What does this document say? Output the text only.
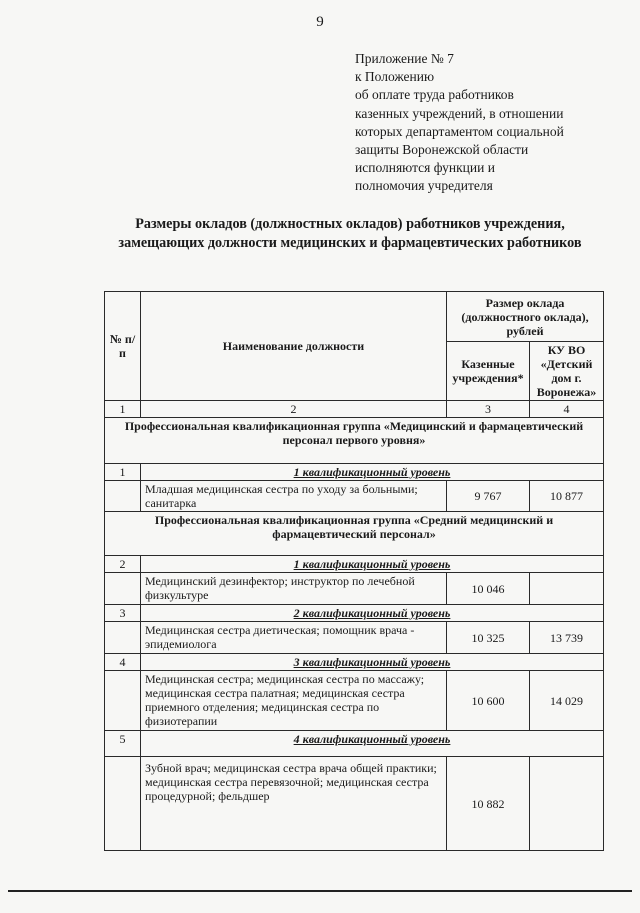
9
Приложение № 7
к Положению
об оплате труда работников
казенных учреждений, в отношении
которых департаментом социальной
защиты Воронежской области
исполняются функции и
полномочия учредителя
Размеры окладов (должностных окладов) работников учреждения,
замещающих должности медицинских и фармацевтических работников
№ п/п	Наименование должности	Размер оклада (должностного оклада), рублей	
		Казенные учреждения*	КУ ВО «Детский дом г. Воронежа»
1	2	3	4
Профессиональная квалификационная группа «Медицинский и фармацевтический персонал первого уровня»			
1	1 квалификационный уровень		
	Младшая медицинская сестра по уходу за больными; санитарка	9 767	10 877
Профессиональная квалификационная группа «Средний медицинский и фармацевтический персонал»			
2	1 квалификационный уровень		
	Медицинский дезинфектор; инструктор по лечебной физкультуре	10 046	
3	2 квалификационный уровень		
	Медицинская сестра диетическая; помощник врача - эпидемиолога	10 325	13 739
4	3 квалификационный уровень		
	Медицинская сестра; медицинская сестра по массажу; медицинская сестра палатная; медицинская сестра приемного отделения; медицинская сестра по физиотерапии	10 600	14 029
5	4 квалификационный уровень		
	Зубной врач; медицинская сестра врача общей практики; медицинская сестра перевязочной; медицинская сестра процедурной; фельдшер	10 882	
